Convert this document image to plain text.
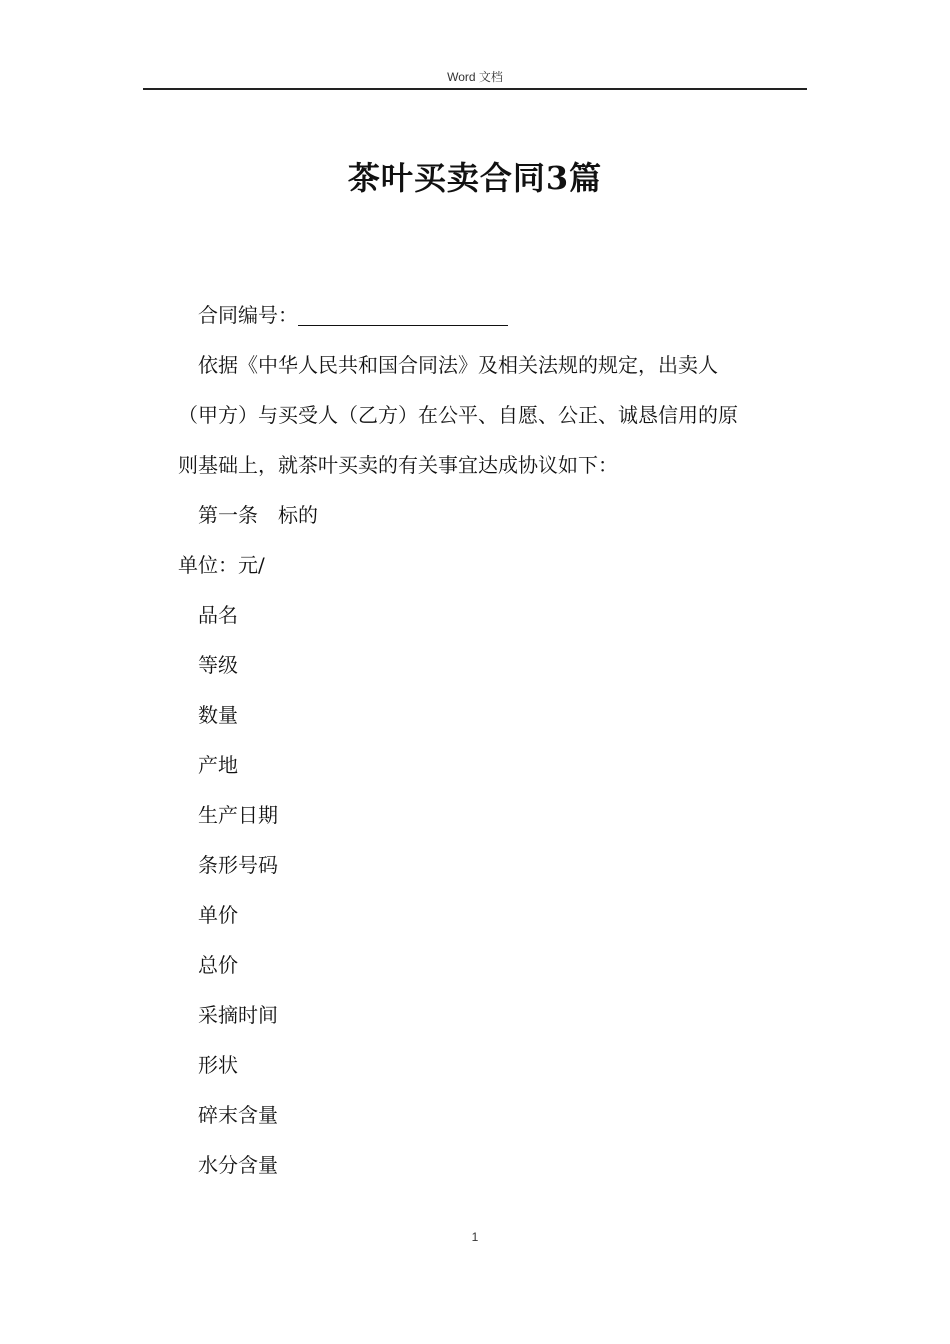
Word 文档
茶叶买卖合同3篇
合同编号：
依据《中华人民共和国合同法》及相关法规的规定，出卖人
（甲方）与买受人（乙方）在公平、自愿、公正、诚恳信用的原
则基础上，就茶叶买卖的有关事宜达成协议如下：
第一条　标的
单位：元/
品名
等级
数量
产地
生产日期
条形号码
单价
总价
采摘时间
形状
碎末含量
水分含量
1
